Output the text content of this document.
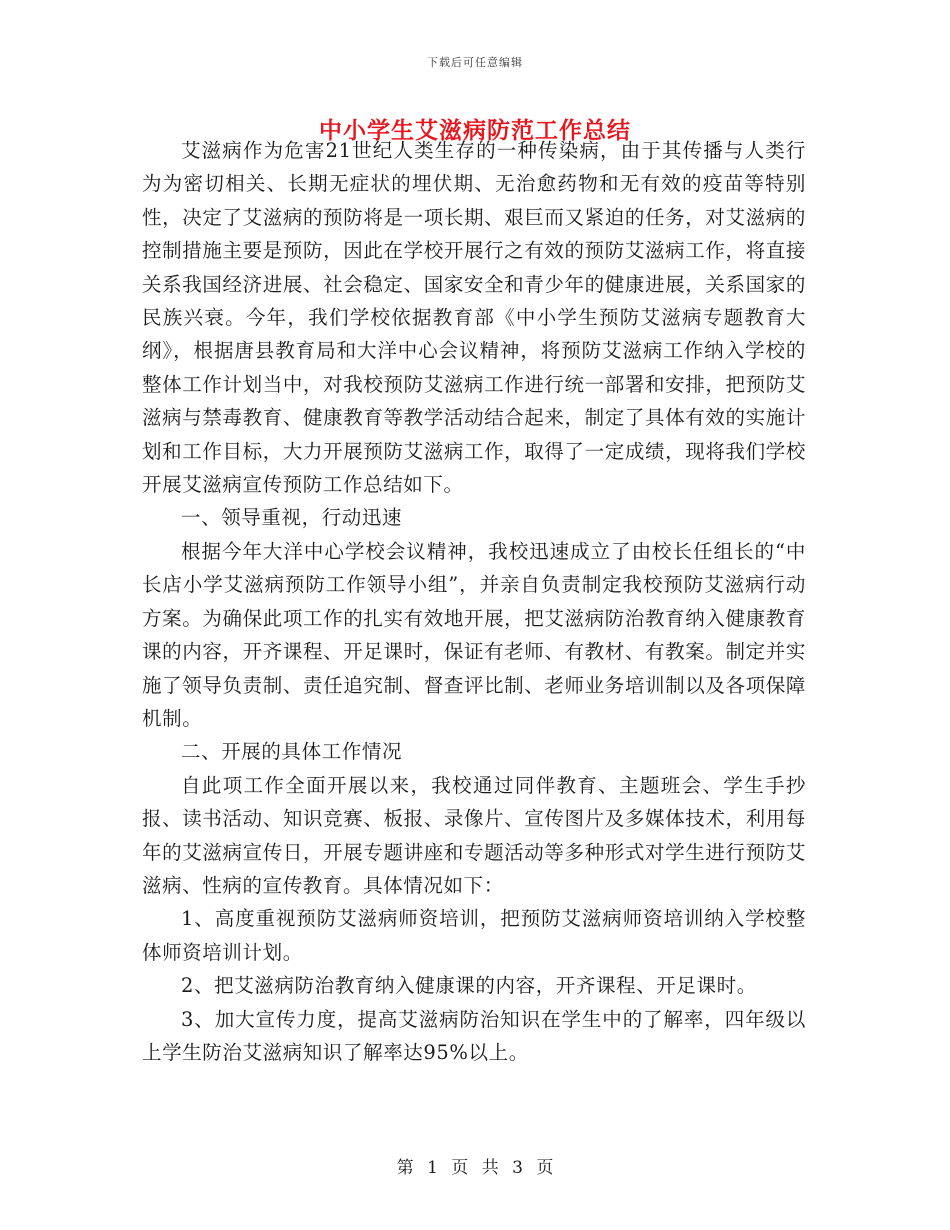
下载后可任意编辑
中小学生艾滋病防范工作总结

艾滋病作为危害21世纪人类生存的一种传染病，由于其传播与人类行为为密切相关、长期无症状的埋伏期、无治愈药物和无有效的疫苗等特别性，决定了艾滋病的预防将是一项长期、艰巨而又紧迫的任务，对艾滋病的控制措施主要是预防，因此在学校开展行之有效的预防艾滋病工作，将直接关系我国经济进展、社会稳定、国家安全和青少年的健康进展，关系国家的民族兴衰。今年，我们学校依据教育部《中小学生预防艾滋病专题教育大纲》，根据唐县教育局和大洋中心会议精神，将预防艾滋病工作纳入学校的整体工作计划当中，对我校预防艾滋病工作进行统一部署和安排，把预防艾滋病与禁毒教育、健康教育等教学活动结合起来，制定了具体有效的实施计划和工作目标，大力开展预防艾滋病工作，取得了一定成绩，现将我们学校开展艾滋病宣传预防工作总结如下。

一、领导重视，行动迅速

根据今年大洋中心学校会议精神，我校迅速成立了由校长任组长的“中长店小学艾滋病预防工作领导小组”，并亲自负责制定我校预防艾滋病行动方案。为确保此项工作的扎实有效地开展，把艾滋病防治教育纳入健康教育课的内容，开齐课程、开足课时，保证有老师、有教材、有教案。制定并实施了领导负责制、责任追究制、督查评比制、老师业务培训制以及各项保障机制。

二、开展的具体工作情况

自此项工作全面开展以来，我校通过同伴教育、主题班会、学生手抄报、读书活动、知识竞赛、板报、录像片、宣传图片及多媒体技术，利用每年的艾滋病宣传日，开展专题讲座和专题活动等多种形式对学生进行预防艾滋病、性病的宣传教育。具体情况如下：

1、高度重视预防艾滋病师资培训，把预防艾滋病师资培训纳入学校整体师资培训计划。

2、把艾滋病防治教育纳入健康课的内容，开齐课程、开足课时。

3、加大宣传力度，提高艾滋病防治知识在学生中的了解率，四年级以上学生防治艾滋病知识了解率达95%以上。

第 1 页 共 3 页
